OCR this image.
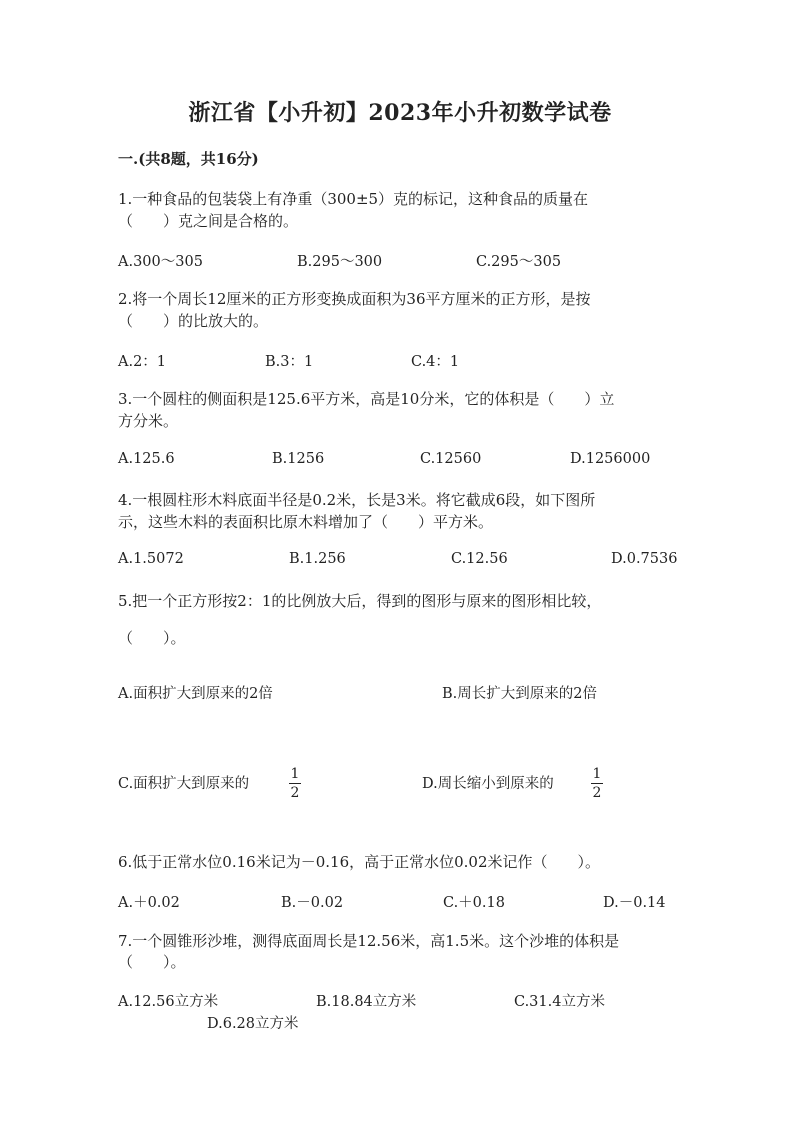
浙江省【小升初】2023年小升初数学试卷
一.(共8题，共16分)
1.一种食品的包装袋上有净重（300±5）克的标记，这种食品的质量在
（　　）克之间是合格的。
A.300～305	B.295～300	C.295～305
2.将一个周长12厘米的正方形变换成面积为36平方厘米的正方形，是按
（　　）的比放大的。
A.2：1	B.3：1	C.4：1
3.一个圆柱的侧面积是125.6平方米，高是10分米，它的体积是（　　）立
方分米。
A.125.6	B.1256	C.12560	D.1256000
4.一根圆柱形木料底面半径是0.2米，长是3米。将它截成6段，如下图所
示，这些木料的表面积比原木料增加了（　　）平方米。
A.1.5072	B.1.256	C.12.56	D.0.7536
5.把一个正方形按2：1的比例放大后，得到的图形与原来的图形相比较，
（　　）。
A.面积扩大到原来的2倍	B.周长扩大到原来的2倍
C.面积扩大到原来的
1
2
D.周长缩小到原来的
1
2
6.低于正常水位0.16米记为－0.16，高于正常水位0.02米记作（　　）。
A.＋0.02	B.－0.02	C.＋0.18	D.－0.14
7.一个圆锥形沙堆，测得底面周长是12.56米，高1.5米。这个沙堆的体积是
（　　）。
A.12.56立方米	B.18.84立方米	C.31.4立方米
D.6.28立方米
